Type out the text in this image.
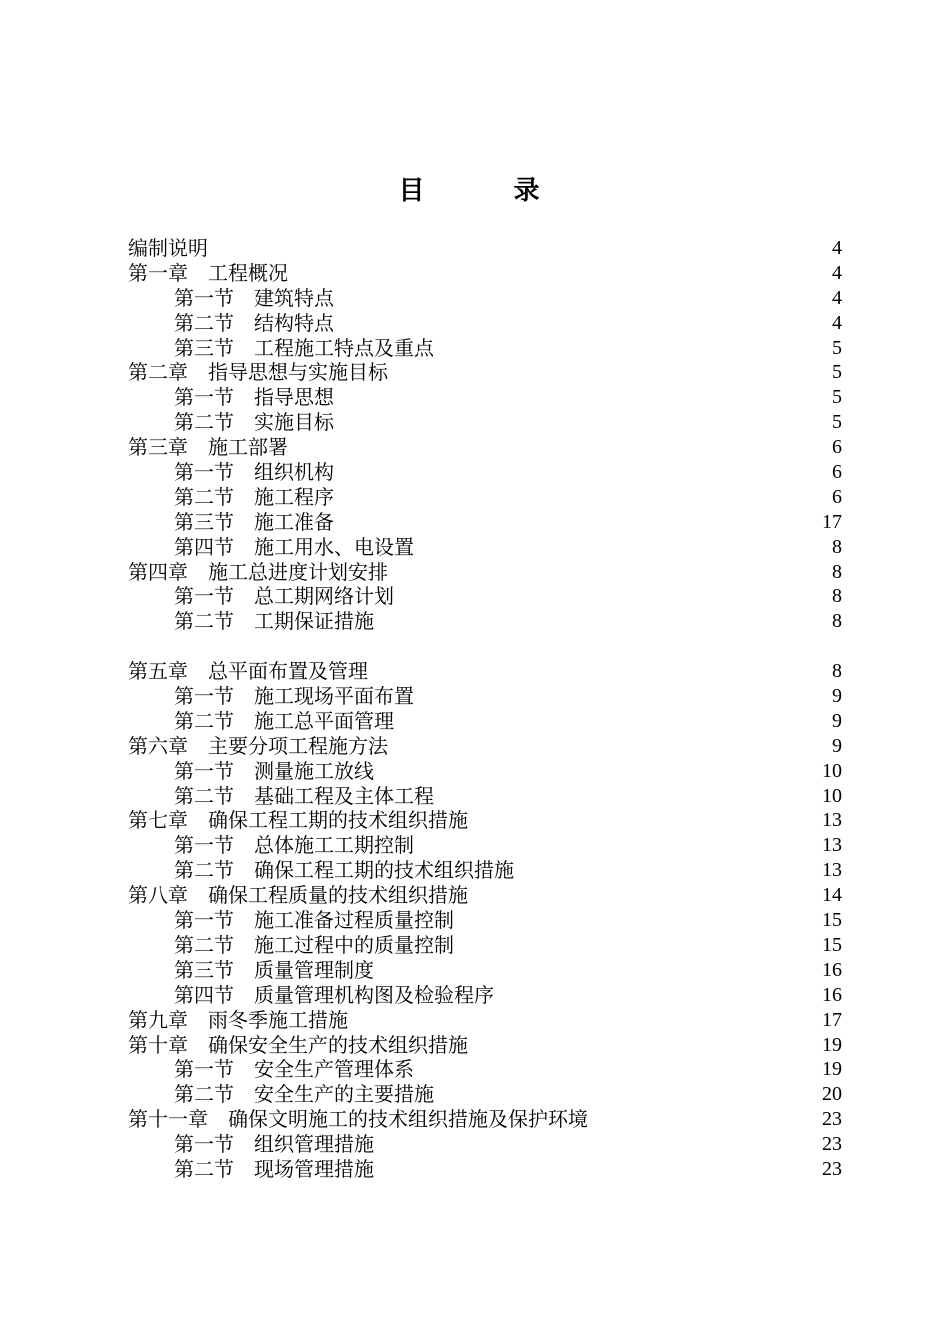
目 录
编制说明	4
第一章　工程概况	4
第一节　建筑特点	4
第二节　结构特点	4
第三节　工程施工特点及重点	5
第二章　指导思想与实施目标	5
第一节　指导思想	5
第二节　实施目标	5
第三章　施工部署	6
第一节　组织机构	6
第二节　施工程序	6
第三节　施工准备	17
第四节　施工用水、电设置	8
第四章　施工总进度计划安排	8
第一节　总工期网络计划	8
第二节　工期保证措施	8
第五章　总平面布置及管理	8
第一节　施工现场平面布置	9
第二节　施工总平面管理	9
第六章　主要分项工程施方法	9
第一节　测量施工放线	10
第二节　基础工程及主体工程	10
第七章　确保工程工期的技术组织措施	13
第一节　总体施工工期控制	13
第二节　确保工程工期的技术组织措施	13
第八章　确保工程质量的技术组织措施	14
第一节　施工准备过程质量控制	15
第二节　施工过程中的质量控制	15
第三节　质量管理制度	16
第四节　质量管理机构图及检验程序	16
第九章　雨冬季施工措施	17
第十章　确保安全生产的技术组织措施	19
第一节　安全生产管理体系	19
第二节　安全生产的主要措施	20
第十一章　确保文明施工的技术组织措施及保护环境	23
第一节　组织管理措施	23
第二节　现场管理措施	23
